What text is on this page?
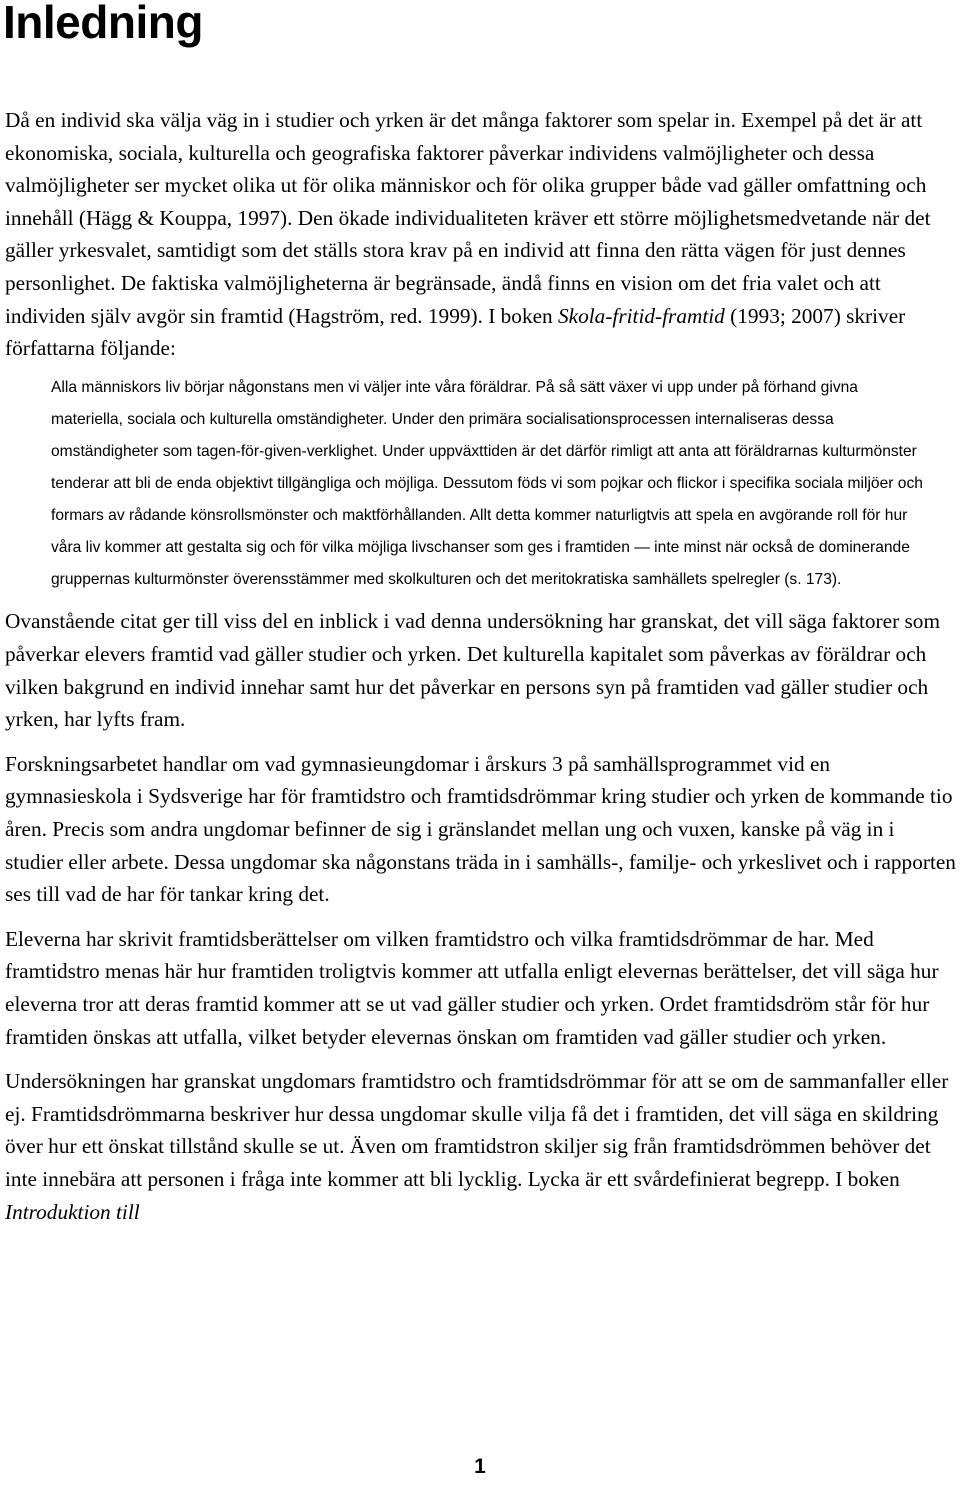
Inledning

Då en individ ska välja väg in i studier och yrken är det många faktorer som spelar in. Exempel på det är att ekonomiska, sociala, kulturella och geografiska faktorer påverkar individens valmöjligheter och dessa valmöjligheter ser mycket olika ut för olika människor och för olika grupper både vad gäller omfattning och innehåll (Hägg & Kouppa, 1997). Den ökade individualiteten kräver ett större möjlighetsmedvetande när det gäller yrkesvalet, samtidigt som det ställs stora krav på en individ att finna den rätta vägen för just dennes personlighet. De faktiska valmöjligheterna är begränsade, ändå finns en vision om det fria valet och att individen själv avgör sin framtid (Hagström, red. 1999). I boken Skola-fritid-framtid (1993; 2007) skriver författarna följande:

Alla människors liv börjar någonstans men vi väljer inte våra föräldrar. På så sätt växer vi upp under på förhand givna materiella, sociala och kulturella omständigheter. Under den primära socialisationsprocessen internaliseras dessa omständigheter som tagen-för-given-verklighet. Under uppväxttiden är det därför rimligt att anta att föräldrarnas kulturmönster tenderar att bli de enda objektivt tillgängliga och möjliga. Dessutom föds vi som pojkar och flickor i specifika sociala miljöer och formars av rådande könsrollsmönster och maktförhållanden. Allt detta kommer naturligtvis att spela en avgörande roll för hur våra liv kommer att gestalta sig och för vilka möjliga livschanser som ges i framtiden — inte minst när också de dominerande gruppernas kulturmönster överensstämmer med skolkulturen och det meritokratiska samhällets spelregler (s. 173).

Ovanstående citat ger till viss del en inblick i vad denna undersökning har granskat, det vill säga faktorer som påverkar elevers framtid vad gäller studier och yrken. Det kulturella kapitalet som påverkas av föräldrar och vilken bakgrund en individ innehar samt hur det påverkar en persons syn på framtiden vad gäller studier och yrken, har lyfts fram.

Forskningsarbetet handlar om vad gymnasieungdomar i årskurs 3 på samhällsprogrammet vid en gymnasieskola i Sydsverige har för framtidstro och framtidsdrömmar kring studier och yrken de kommande tio åren. Precis som andra ungdomar befinner de sig i gränslandet mellan ung och vuxen, kanske på väg in i studier eller arbete. Dessa ungdomar ska någonstans träda in i samhälls-, familje- och yrkeslivet och i rapporten ses till vad de har för tankar kring det.

Eleverna har skrivit framtidsberättelser om vilken framtidstro och vilka framtidsdrömmar de har. Med framtidstro menas här hur framtiden troligtvis kommer att utfalla enligt elevernas berättelser, det vill säga hur eleverna tror att deras framtid kommer att se ut vad gäller studier och yrken. Ordet framtidsdröm står för hur framtiden önskas att utfalla, vilket betyder elevernas önskan om framtiden vad gäller studier och yrken.

Undersökningen har granskat ungdomars framtidstro och framtidsdrömmar för att se om de sammanfaller eller ej. Framtidsdrömmarna beskriver hur dessa ungdomar skulle vilja få det i framtiden, det vill säga en skildring över hur ett önskat tillstånd skulle se ut. Även om framtidstron skiljer sig från framtidsdrömmen behöver det inte innebära att personen i fråga inte kommer att bli lycklig. Lycka är ett svårdefinierat begrepp. I boken Introduktion till

1
